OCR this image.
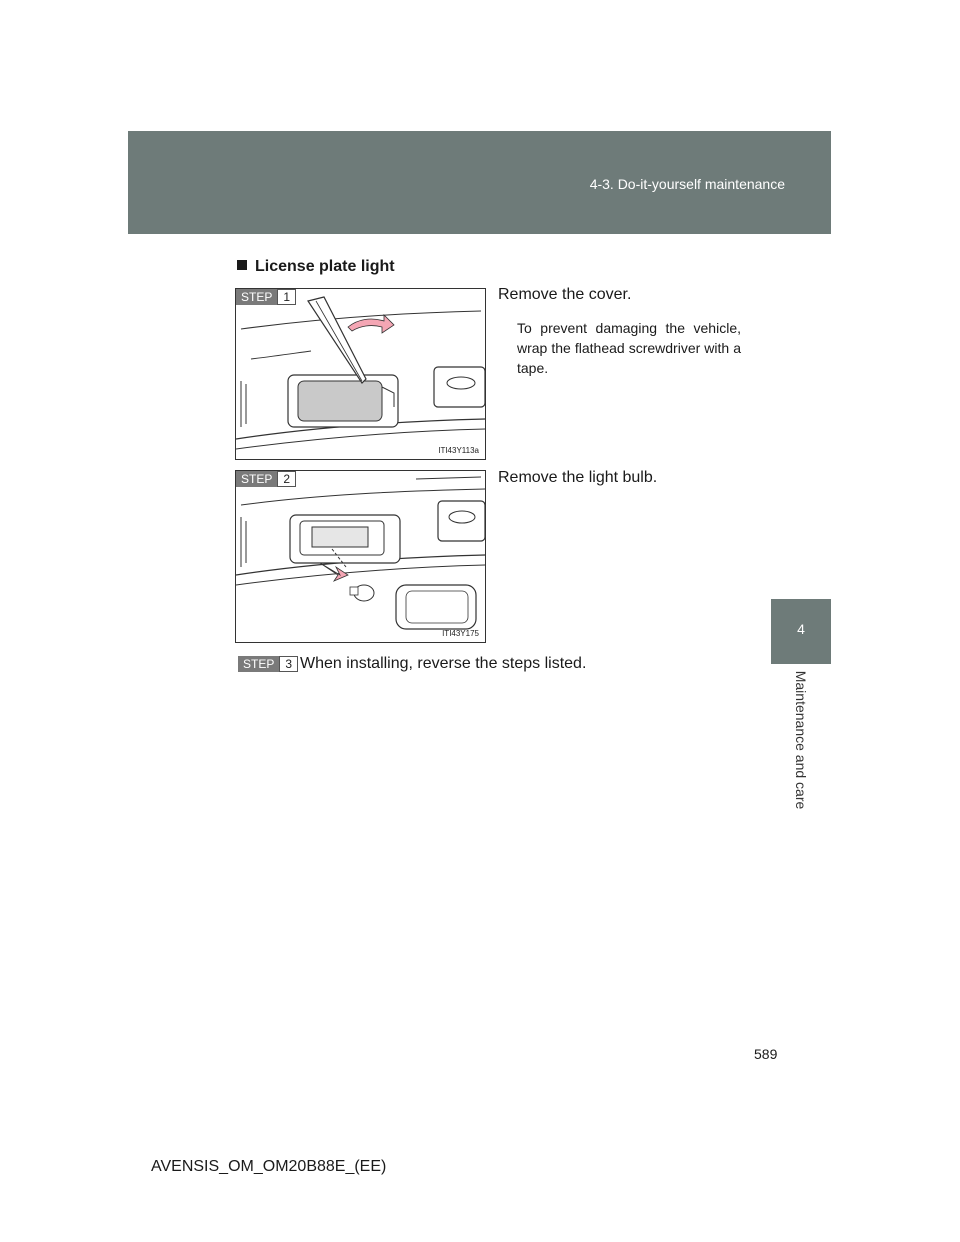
4-3. Do-it-yourself maintenance
4
Maintenance and care
License plate light
STEP 1
ITI43Y113a
Remove the cover.
To prevent damaging the vehicle, wrap the flathead screwdriver with a tape.
STEP 2
ITI43Y175
Remove the light bulb.
STEP 3 When installing, reverse the steps listed.
589
AVENSIS_OM_OM20B88E_(EE)
